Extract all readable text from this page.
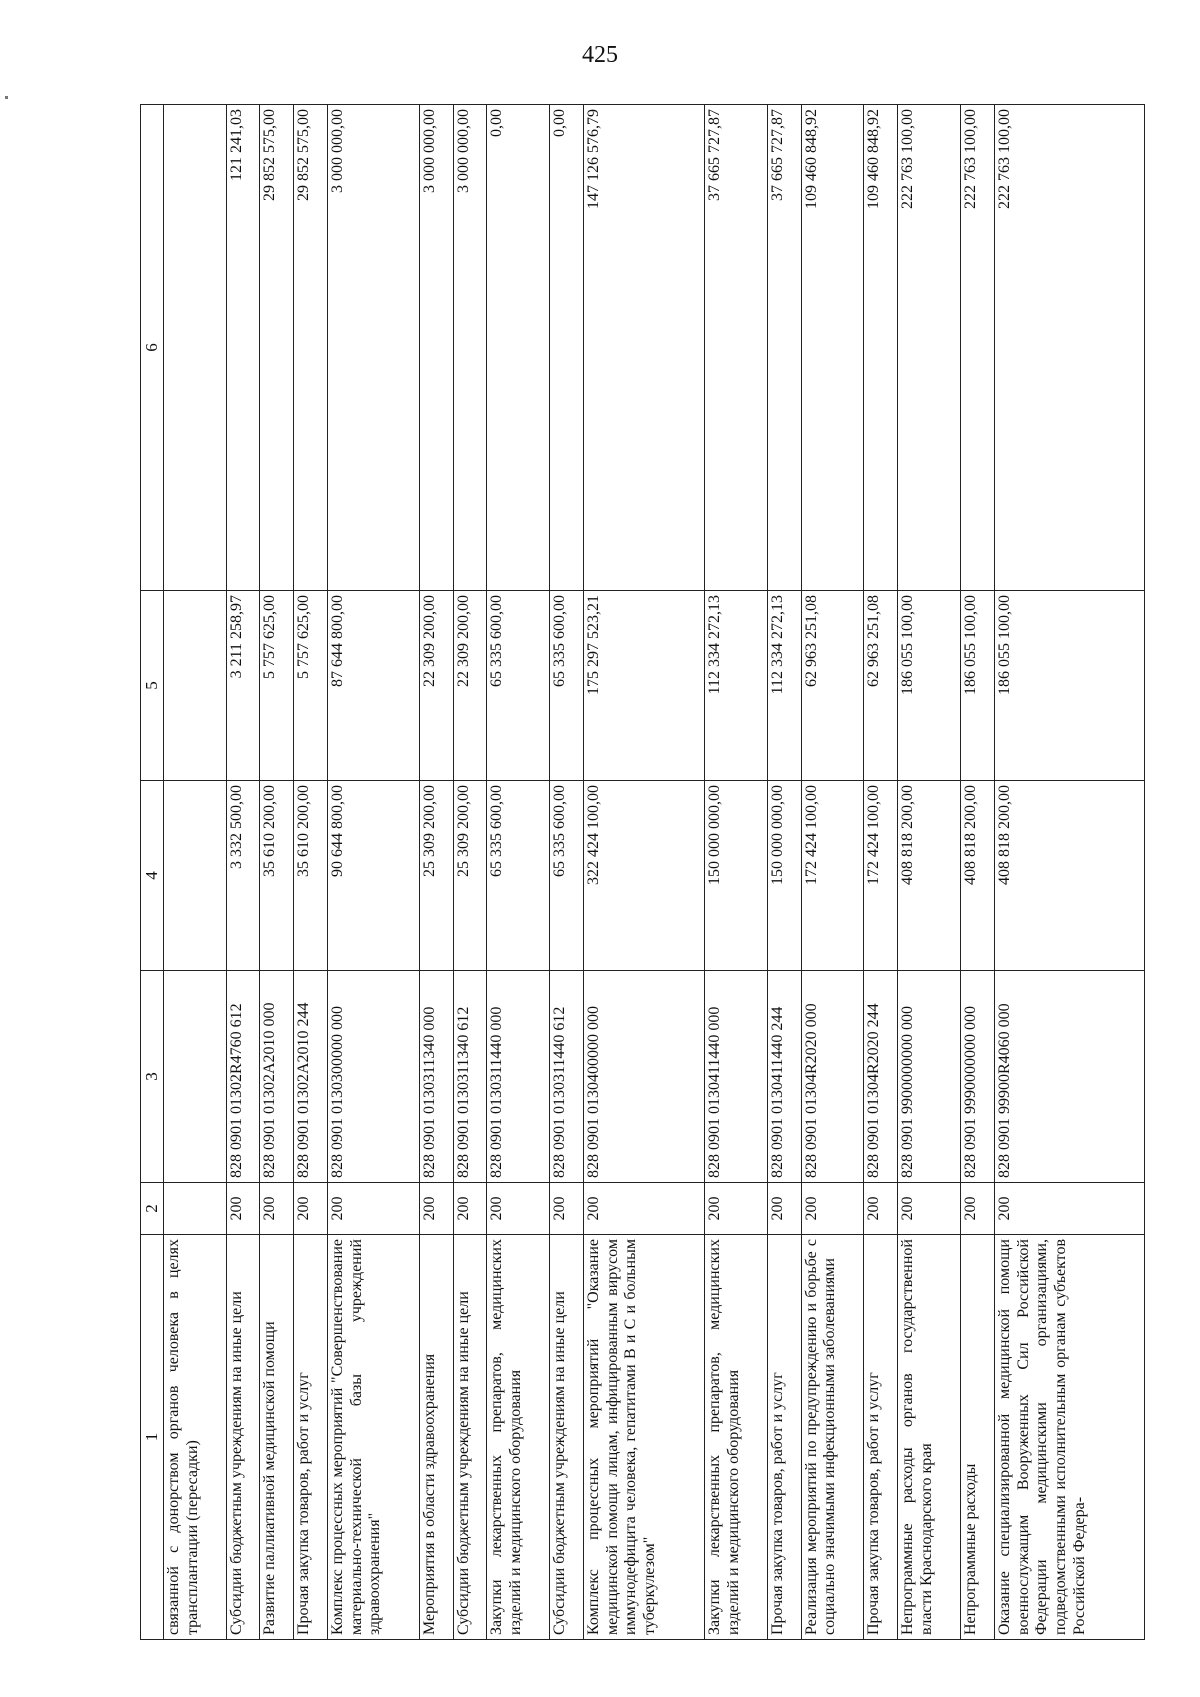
425
1	2	3	4	5	6
связанной с донорством органов человека в целях трансплантации (пересадки)					
Субсидии бюджетным учреждениям на иные цели	200	828 0901 01302R4760 612	3 332 500,00	3 211 258,97	121 241,03
Развитие паллиативной медицинской помощи	200	828 0901 01302A2010 000	35 610 200,00	5 757 625,00	29 852 575,00
Прочая закупка товаров, работ и услуг	200	828 0901 01302A2010 244	35 610 200,00	5 757 625,00	29 852 575,00
Комплекс процессных мероприятий "Совершенствование материально-технической базы учреждений здравоохранения"	200	828 0901 0130300000 000	90 644 800,00	87 644 800,00	3 000 000,00
Мероприятия в области здравоохранения	200	828 0901 0130311340 000	25 309 200,00	22 309 200,00	3 000 000,00
Субсидии бюджетным учреждениям на иные цели	200	828 0901 0130311340 612	25 309 200,00	22 309 200,00	3 000 000,00
Закупки лекарственных препаратов, медицинских изделий и медицинского оборудования	200	828 0901 0130311440 000	65 335 600,00	65 335 600,00	0,00
Субсидии бюджетным учреждениям на иные цели	200	828 0901 0130311440 612	65 335 600,00	65 335 600,00	0,00
Комплекс процессных мероприятий "Оказание медицинской помощи лицам, инфицированным вирусом иммунодефицита человека, гепатитами B и C и больным туберкулезом"	200	828 0901 0130400000 000	322 424 100,00	175 297 523,21	147 126 576,79
Закупки лекарственных препаратов, медицинских изделий и медицинского оборудования	200	828 0901 0130411440 000	150 000 000,00	112 334 272,13	37 665 727,87
Прочая закупка товаров, работ и услуг	200	828 0901 0130411440 244	150 000 000,00	112 334 272,13	37 665 727,87
Реализация мероприятий по предупреждению и борьбе с социально значимыми инфекционными заболеваниями	200	828 0901 01304R2020 000	172 424 100,00	62 963 251,08	109 460 848,92
Прочая закупка товаров, работ и услуг	200	828 0901 01304R2020 244	172 424 100,00	62 963 251,08	109 460 848,92
Непрограммные расходы органов государственной власти Краснодарского края	200	828 0901 9900000000 000	408 818 200,00	186 055 100,00	222 763 100,00
Непрограммные расходы	200	828 0901 9990000000 000	408 818 200,00	186 055 100,00	222 763 100,00
Оказание специализированной медицинской помощи военнослужащим Вооруженных Сил Российской Федерации медицинскими организациями, подведомственными исполнительным органам субъектов Российской Федера-	200	828 0901 99900R4060 000	408 818 200,00	186 055 100,00	222 763 100,00
